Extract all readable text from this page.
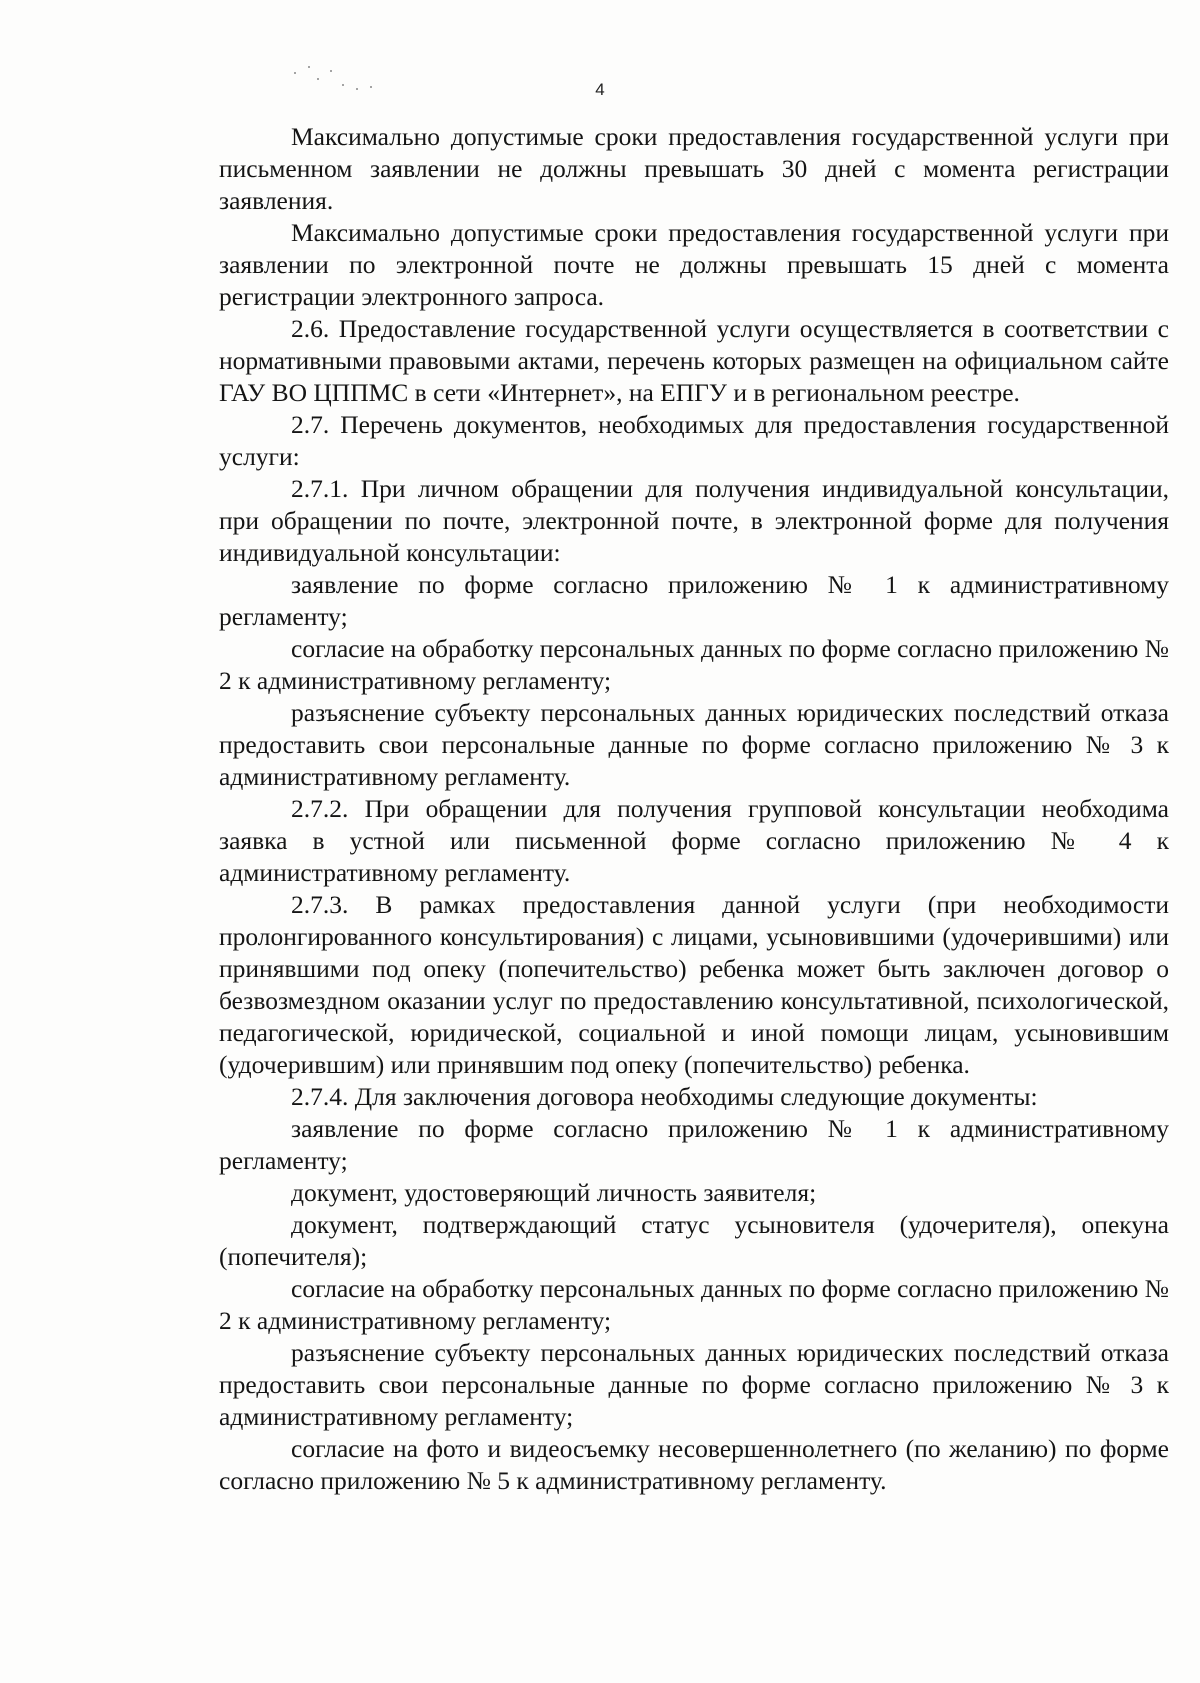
4

Максимально допустимые сроки предоставления государственной услуги при письменном заявлении не должны превышать 30 дней с момента регистрации заявления.

Максимально допустимые сроки предоставления государственной услуги при заявлении по электронной почте не должны превышать 15 дней с момента регистрации электронного запроса.

2.6. Предоставление государственной услуги осуществляется в соответствии с нормативными правовыми актами, перечень которых размещен на официальном сайте ГАУ ВО ЦППМС в сети «Интернет», на ЕПГУ и в региональном реестре.

2.7. Перечень документов, необходимых для предоставления государственной услуги:

2.7.1. При личном обращении для получения индивидуальной консультации, при обращении по почте, электронной почте, в электронной форме для получения индивидуальной консультации:

заявление по форме согласно приложению № 1 к административному регламенту;

согласие на обработку персональных данных по форме согласно приложению № 2 к административному регламенту;

разъяснение субъекту персональных данных юридических последствий отказа предоставить свои персональные данные по форме согласно приложению № 3 к административному регламенту.

2.7.2. При обращении для получения групповой консультации необходима заявка в устной или письменной форме согласно приложению № 4 к административному регламенту.

2.7.3. В рамках предоставления данной услуги (при необходимости пролонгированного консультирования) с лицами, усыновившими (удочерившими) или принявшими под опеку (попечительство) ребенка может быть заключен договор о безвозмездном оказании услуг по предоставлению консультативной, психологической, педагогической, юридической, социальной и иной помощи лицам, усыновившим (удочерившим) или принявшим под опеку (попечительство) ребенка.

2.7.4. Для заключения договора необходимы следующие документы:

заявление по форме согласно приложению № 1 к административному регламенту;

документ, удостоверяющий личность заявителя;

документ, подтверждающий статус усыновителя (удочерителя), опекуна (попечителя);

согласие на обработку персональных данных по форме согласно приложению № 2 к административному регламенту;

разъяснение субъекту персональных данных юридических последствий отказа предоставить свои персональные данные по форме согласно приложению № 3 к административному регламенту;

согласие на фото и видеосъемку несовершеннолетнего (по желанию) по форме согласно приложению № 5 к административному регламенту.
